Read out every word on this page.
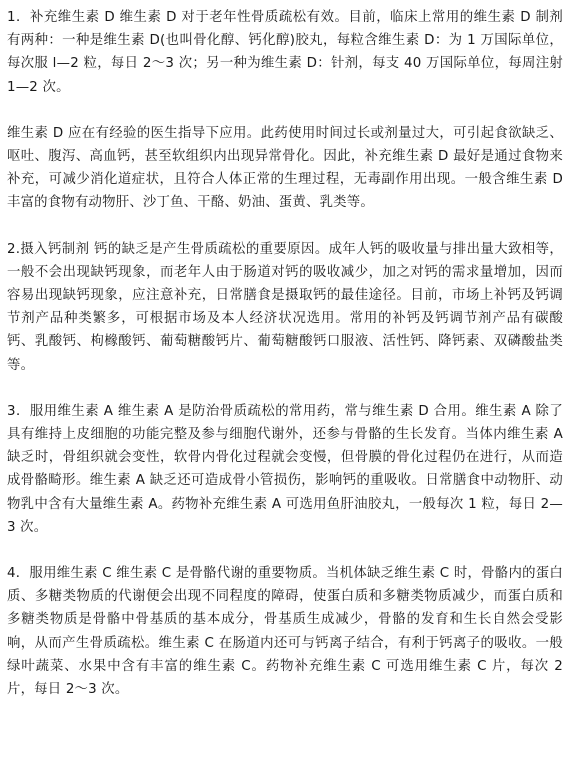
1．补充维生素 D 维生素 D 对于老年性骨质疏松有效。目前，临床上常用的维生素 D 制剂有两种：一种是维生素 D(也叫骨化醇、钙化醇)胶丸，每粒含维生素 D：为 1 万国际单位，每次服 l—2 粒，每日 2～3 次；另一种为维生素 D：针剂，每支 40 万国际单位，每周注射 1—2 次。

维生素 D 应在有经验的医生指导下应用。此药使用时间过长或剂量过大，可引起食欲缺乏、呕吐、腹泻、高血钙，甚至软组织内出现异常骨化。因此，补充维生素 D 最好是通过食物来补充，可减少消化道症状，且符合人体正常的生理过程，无毒副作用出现。一般含维生素 D 丰富的食物有动物肝、沙丁鱼、干酪、奶油、蛋黄、乳类等。

2.摄入钙制剂 钙的缺乏是产生骨质疏松的重要原因。成年人钙的吸收量与排出量大致相等，一般不会出现缺钙现象，而老年人由于肠道对钙的吸收减少，加之对钙的需求量增加，因而容易出现缺钙现象，应注意补充，日常膳食是摄取钙的最佳途径。目前，市场上补钙及钙调节剂产品种类繁多，可根据市场及本人经济状况选用。常用的补钙及钙调节剂产品有碳酸钙、乳酸钙、枸橼酸钙、葡萄糖酸钙片、葡萄糖酸钙口服液、活性钙、降钙素、双磷酸盐类等。

3．服用维生素 A 维生素 A 是防治骨质疏松的常用药，常与维生素 D 合用。维生素 A 除了具有维持上皮细胞的功能完整及参与细胞代谢外，还参与骨骼的生长发育。当体内维生素 A 缺乏时，骨组织就会变性，软骨内骨化过程就会变慢，但骨膜的骨化过程仍在进行，从而造成骨骼畸形。维生素 A 缺乏还可造成骨小管损伤，影响钙的重吸收。日常膳食中动物肝、动物乳中含有大量维生素 A。药物补充维生素 A 可选用鱼肝油胶丸，一般每次 1 粒，每日 2—3 次。

4．服用维生素 C 维生素 C 是骨骼代谢的重要物质。当机体缺乏维生素 C 时，骨骼内的蛋白质、多糖类物质的代谢便会出现不同程度的障碍，使蛋白质和多糖类物质减少，而蛋白质和多糖类物质是骨骼中骨基质的基本成分，骨基质生成减少，骨骼的发育和生长自然会受影响，从而产生骨质疏松。维生素 C 在肠道内还可与钙离子结合，有利于钙离子的吸收。一般绿叶蔬菜、水果中含有丰富的维生素 C。药物补充维生素 C 可选用维生素 C 片，每次 2 片，每日 2～3 次。
